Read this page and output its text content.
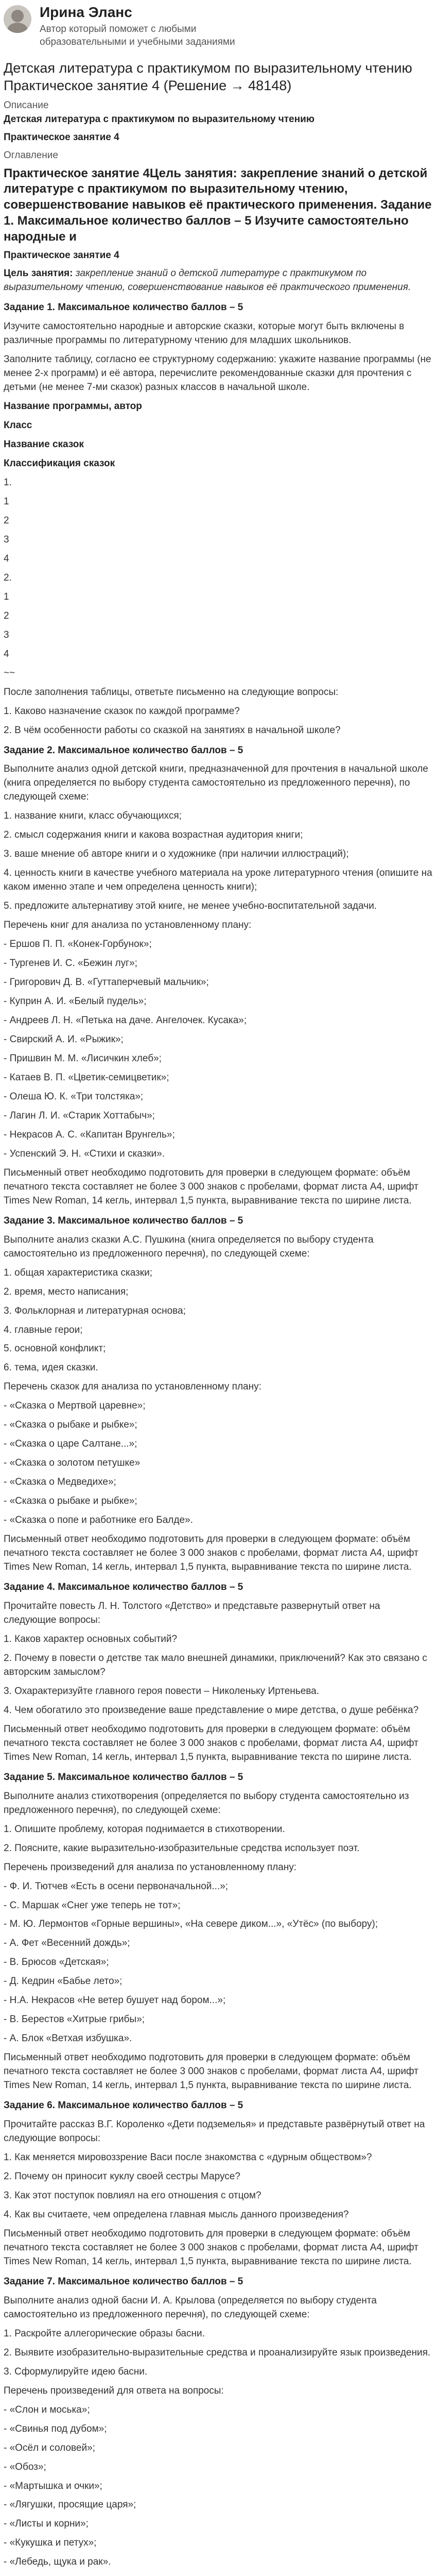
Ирина Эланс
Автор который поможет с любыми образовательными и учебными заданиями
Детская литература с практикумом по выразительному чтению Практическое занятие 4 (Решение → 48148)
Описание
Детская литература с практикумом по выразительному чтению
Практическое занятие 4
Оглавление
Практическое занятие 4Цель занятия: закрепление знаний о детской литературе с практикумом по выразительному чтению, совершенствование навыков её практического применения. Задание 1. Максимальное количество баллов – 5 Изучите самостоятельно народные и
Практическое занятие 4
Цель занятия: закрепление знаний о детской литературе с практикумом по выразительному чтению, совершенствование навыков её практического применения.
Задание 1. Максимальное количество баллов – 5
Изучите самостоятельно народные и авторские сказки, которые могут быть включены в различные программы по литературному чтению для младших школьников.
Заполните таблицу, согласно ее структурному содержанию: укажите название программы (не менее 2-х программ) и её автора, перечислите рекомендованные сказки для прочтения с детьми (не менее 7-ми сказок) разных классов в начальной школе.
Название программы, автор
Класс
Название сказок
Классификация сказок
1.
1
2
3
4
2.
1
2
3
4
~~
После заполнения таблицы, ответьте письменно на следующие вопросы:
1. Каково назначение сказок по каждой программе?
2. В чём особенности работы со сказкой на занятиях в начальной школе?
Задание 2. Максимальное количество баллов – 5
Выполните анализ одной детской книги, предназначенной для прочтения в начальной школе (книга определяется по выбору студента самостоятельно из предложенного перечня), по следующей схеме:
1. название книги, класс обучающихся;
2. смысл содержания книги и какова возрастная аудитория книги;
3. ваше мнение об авторе книги и о художнике (при наличии иллюстраций);
4. ценность книги в качестве учебного материала на уроке литературного чтения (опишите на каком именно этапе и чем определена ценность книги);
5. предложите альтернативу этой книге, не менее учебно-воспитательной задачи.
Перечень книг для анализа по установленному плану:
- Ершов П. П. «Конек-Горбунок»;
- Тургенев И. С. «Бежин луг»;
- Григорович Д. В. «Гуттаперчевый мальчик»;
- Куприн А. И. «Белый пудель»;
- Андреев Л. Н. «Петька на даче. Ангелочек. Кусака»;
- Свирский А. И. «Рыжик»;
- Пришвин М. М. «Лисичкин хлеб»;
- Катаев В. П. «Цветик-семицветик»;
- Олеша Ю. К. «Три толстяка»;
- Лагин Л. И. «Старик Хоттабыч»;
- Некрасов А. С. «Капитан Врунгель»;
- Успенский Э. Н. «Стихи и сказки».
Письменный ответ необходимо подготовить для проверки в следующем формате: объём печатного текста составляет не более 3 000 знаков с пробелами, формат листа А4, шрифт Times New Roman, 14 кегль, интервал 1,5 пункта, выравнивание текста по ширине листа.
Задание 3. Максимальное количество баллов – 5
Выполните анализ сказки А.С. Пушкина (книга определяется по выбору студента самостоятельно из предложенного перечня), по следующей схеме:
1. общая характеристика сказки;
2. время, место написания;
3. Фольклорная и литературная основа;
4. главные герои;
5. основной конфликт;
6. тема, идея сказки.
Перечень сказок для анализа по установленному плану:
- «Сказка о Мертвой царевне»;
- «Сказка о рыбаке и рыбке»;
- «Сказка о царе Салтане...»;
- «Сказка о золотом петушке»
- «Сказка о Медведихе»;
- «Сказка о рыбаке и рыбке»;
- «Сказка о попе и работнике его Балде».
Письменный ответ необходимо подготовить для проверки в следующем формате: объём печатного текста составляет не более 3 000 знаков с пробелами, формат листа А4, шрифт Times New Roman, 14 кегль, интервал 1,5 пункта, выравнивание текста по ширине листа.
Задание 4. Максимальное количество баллов – 5
Прочитайте повесть Л. Н. Толстого «Детство» и представьте развернутый ответ на следующие вопросы:
1. Каков характер основных событий?
2. Почему в повести о детстве так мало внешней динамики, приключений? Как это связано с авторским замыслом?
3. Охарактеризуйте главного героя повести – Николеньку Иртеньева.
4. Чем обогатило это произведение ваше представление о мире детства, о душе ребёнка?
Письменный ответ необходимо подготовить для проверки в следующем формате: объём печатного текста составляет не более 3 000 знаков с пробелами, формат листа А4, шрифт Times New Roman, 14 кегль, интервал 1,5 пункта, выравнивание текста по ширине листа.
Задание 5. Максимальное количество баллов – 5
Выполните анализ стихотворения (определяется по выбору студента самостоятельно из предложенного перечня), по следующей схеме:
1. Опишите проблему, которая поднимается в стихотворении.
2. Поясните, какие выразительно-изобразительные средства использует поэт.
Перечень произведений для анализа по установленному плану:
- Ф. И. Тютчев «Есть в осени первоначальной...»;
- С. Маршак «Снег уже теперь не тот»;
- М. Ю. Лермонтов «Горные вершины», «На севере диком...», «Утёс» (по выбору);
- А. Фет «Весенний дождь»;
- В. Брюсов «Детская»;
- Д. Кедрин «Бабье лето»;
- Н.А. Некрасов «Не ветер бушует над бором...»;
- В. Берестов «Хитрые грибы»;
- А. Блок «Ветхая избушка».
Письменный ответ необходимо подготовить для проверки в следующем формате: объём печатного текста составляет не более 3 000 знаков с пробелами, формат листа А4, шрифт Times New Roman, 14 кегль, интервал 1,5 пункта, выравнивание текста по ширине листа.
Задание 6. Максимальное количество баллов – 5
Прочитайте рассказ В.Г. Короленко «Дети подземелья» и представьте развёрнутый ответ на следующие вопросы:
1. Как меняется мировоззрение Васи после знакомства с «дурным обществом»?
2. Почему он приносит куклу своей сестры Марусе?
3. Как этот поступок повлиял на его отношения с отцом?
4. Как вы считаете, чем определена главная мысль данного произведения?
Письменный ответ необходимо подготовить для проверки в следующем формате: объём печатного текста составляет не более 3 000 знаков с пробелами, формат листа А4, шрифт Times New Roman, 14 кегль, интервал 1,5 пункта, выравнивание текста по ширине листа.
Задание 7. Максимальное количество баллов – 5
Выполните анализ одной басни И. А. Крылова (определяется по выбору студента самостоятельно из предложенного перечня), по следующей схеме:
1. Раскройте аллегорические образы басни.
2. Выявите изобразительно-выразительные средства и проанализируйте язык произведения.
3. Сформулируйте идею басни.
Перечень произведений для ответа на вопросы:
- «Слон и моська»;
- «Свинья под дубом»;
- «Осёл и соловей»;
- «Обоз»;
- «Мартышка и очки»;
- «Лягушки, просящие царя»;
- «Листы и корни»;
- «Кукушка и петух»;
- «Лебедь, щука и рак».
